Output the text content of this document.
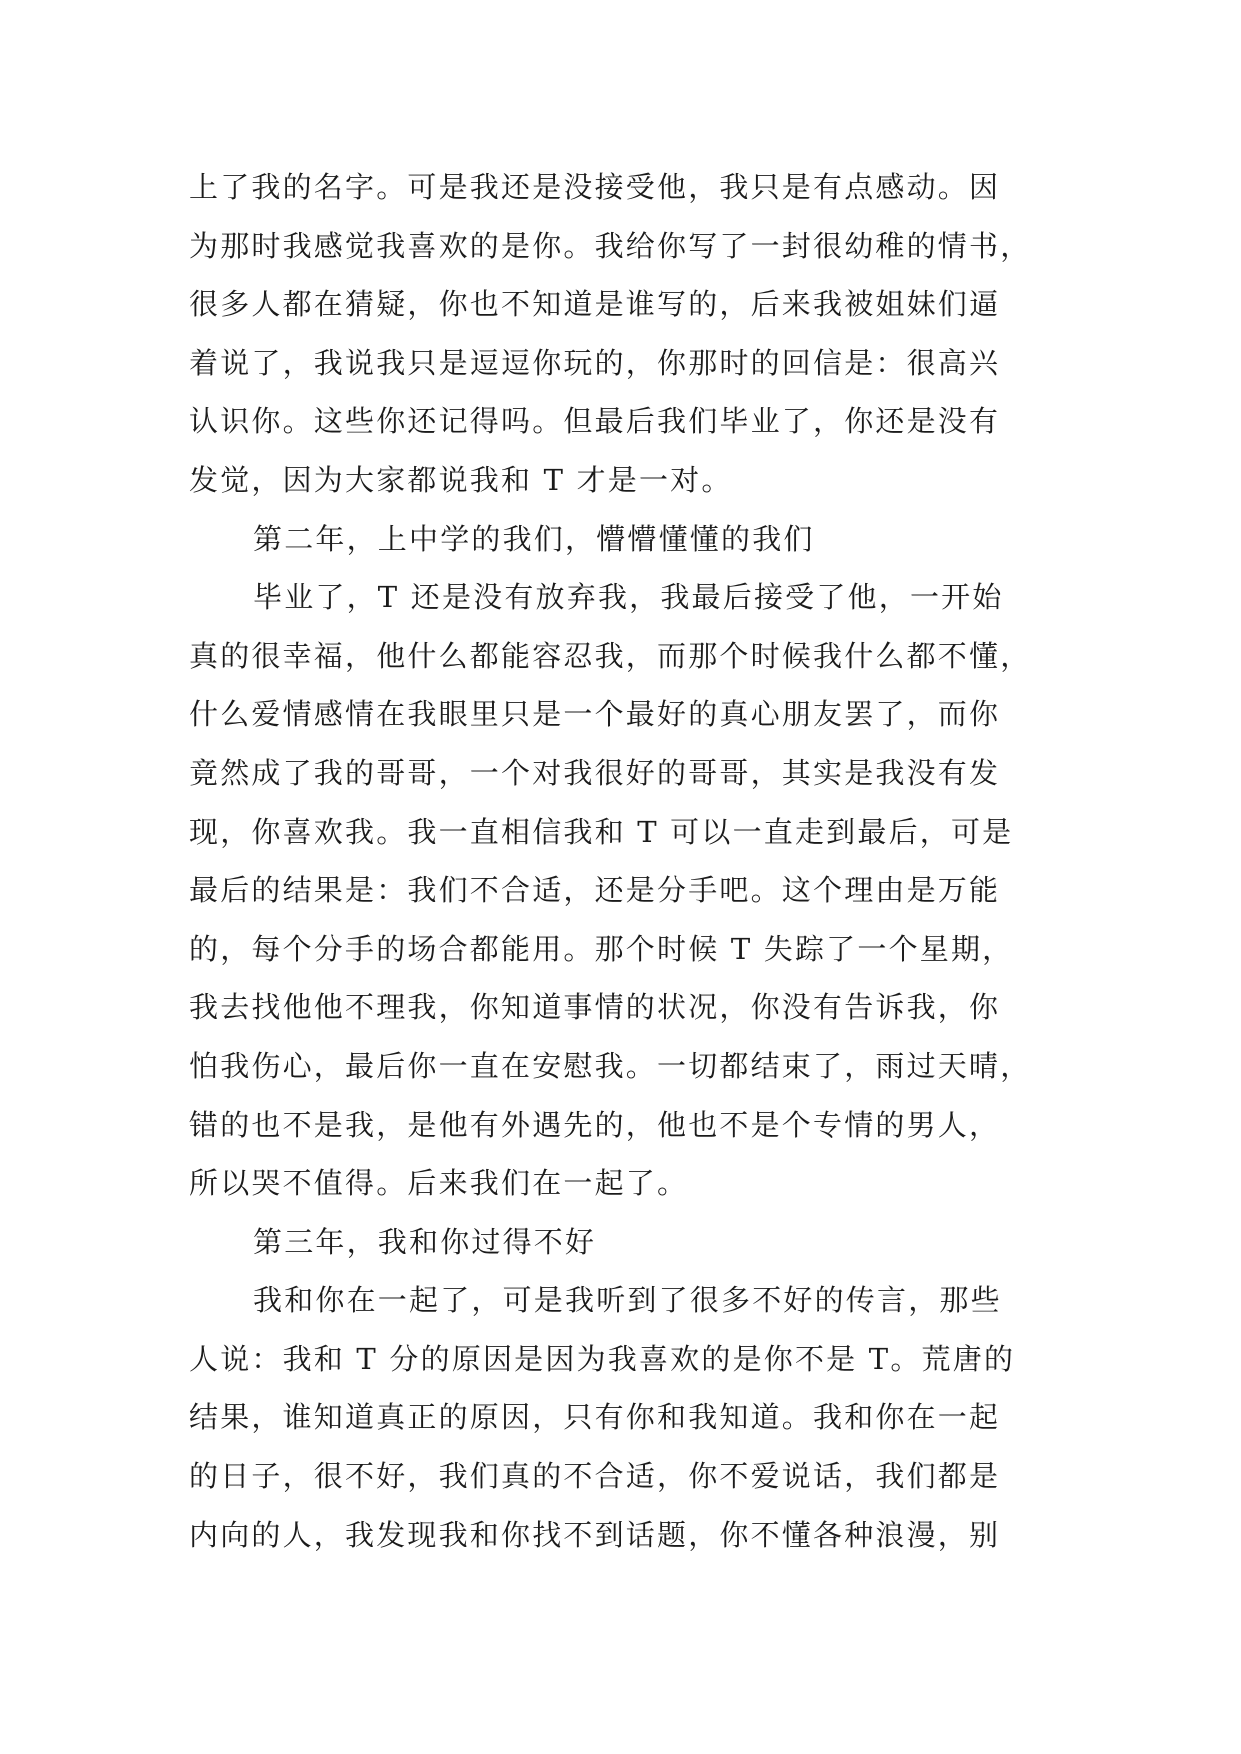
上了我的名字。可是我还是没接受他，我只是有点感动。因
为那时我感觉我喜欢的是你。我给你写了一封很幼稚的情书，
很多人都在猜疑，你也不知道是谁写的，后来我被姐妹们逼
着说了，我说我只是逗逗你玩的，你那时的回信是：很高兴
认识你。这些你还记得吗。但最后我们毕业了，你还是没有
发觉，因为大家都说我和 T 才是一对。
第二年，上中学的我们，懵懵懂懂的我们
毕业了，T 还是没有放弃我，我最后接受了他，一开始
真的很幸福，他什么都能容忍我，而那个时候我什么都不懂，
什么爱情感情在我眼里只是一个最好的真心朋友罢了，而你
竟然成了我的哥哥，一个对我很好的哥哥，其实是我没有发
现，你喜欢我。我一直相信我和 T 可以一直走到最后，可是
最后的结果是：我们不合适，还是分手吧。这个理由是万能
的，每个分手的场合都能用。那个时候 T 失踪了一个星期，
我去找他他不理我，你知道事情的状况，你没有告诉我，你
怕我伤心，最后你一直在安慰我。一切都结束了，雨过天晴，
错的也不是我，是他有外遇先的，他也不是个专情的男人，
所以哭不值得。后来我们在一起了。
第三年，我和你过得不好
我和你在一起了，可是我听到了很多不好的传言，那些
人说：我和 T 分的原因是因为我喜欢的是你不是 T。荒唐的
结果，谁知道真正的原因，只有你和我知道。我和你在一起
的日子，很不好，我们真的不合适，你不爱说话，我们都是
内向的人，我发现我和你找不到话题，你不懂各种浪漫，别
